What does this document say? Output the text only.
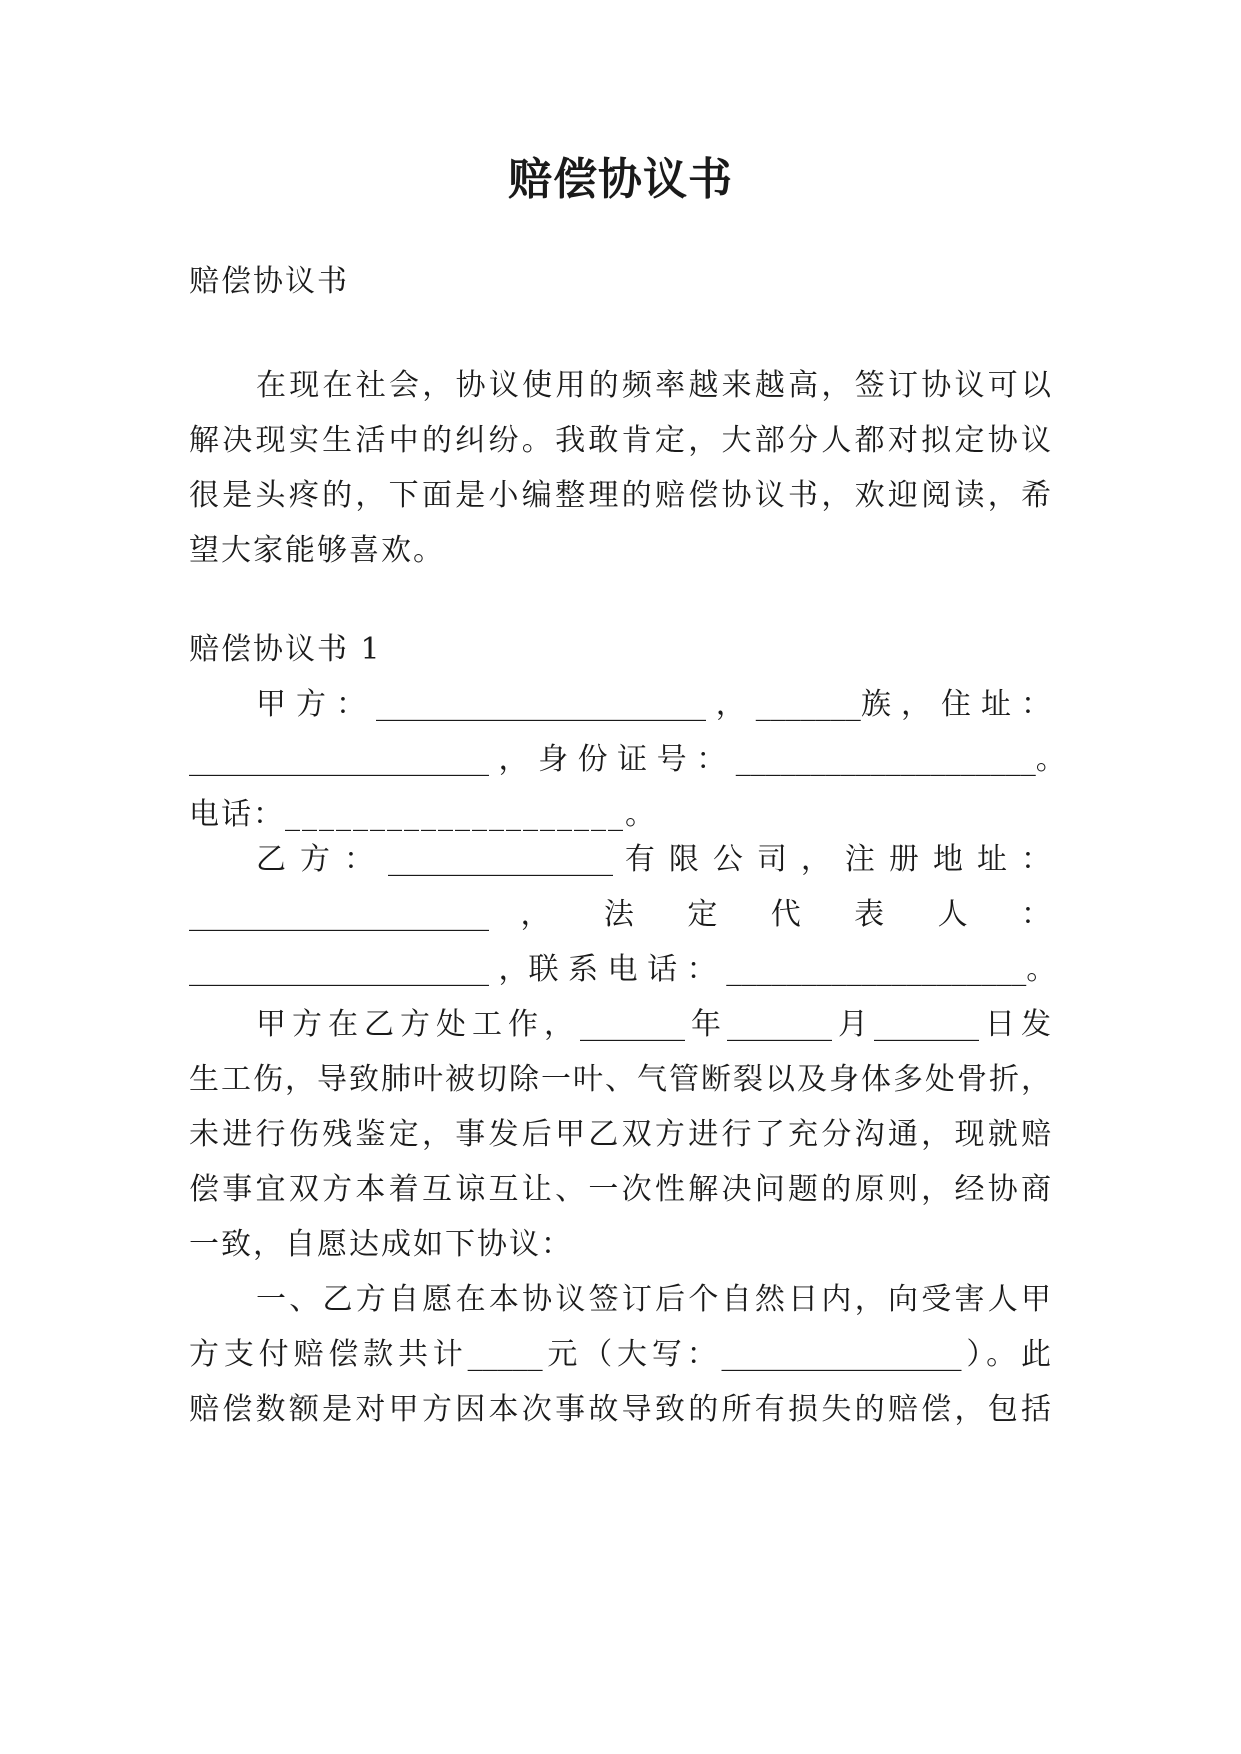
赔偿协议书
赔偿协议书
在现在社会，协议使用的频率越来越高，签订协议可以
解决现实生活中的纠纷。我敢肯定，大部分人都对拟定协议
很是头疼的，下面是小编整理的赔偿协议书，欢迎阅读，希
望大家能够喜欢。
赔偿协议书 1
甲 方 ： ______________________ ， _______族 ， 住 址 ：
____________________ ， 身 份 证 号 ： ____________________。
电话：____________________。
乙 方 ： _______________ 有 限 公 司 ， 注 册 地 址 ：
____________________ ， 法 定 代 表 人 ：
____________________ ，联 系 电 话 ： ____________________。
甲方在乙方处工作，_______年_______月_______日发
生工伤，导致肺叶被切除一叶、气管断裂以及身体多处骨折，
未进行伤残鉴定，事发后甲乙双方进行了充分沟通，现就赔
偿事宜双方本着互谅互让、一次性解决问题的原则，经协商
一致，自愿达成如下协议：
一、乙方自愿在本协议签订后个自然日内，向受害人甲
方支付赔偿款共计_____元（大写：________________）。此
赔偿数额是对甲方因本次事故导致的所有损失的赔偿，包括
